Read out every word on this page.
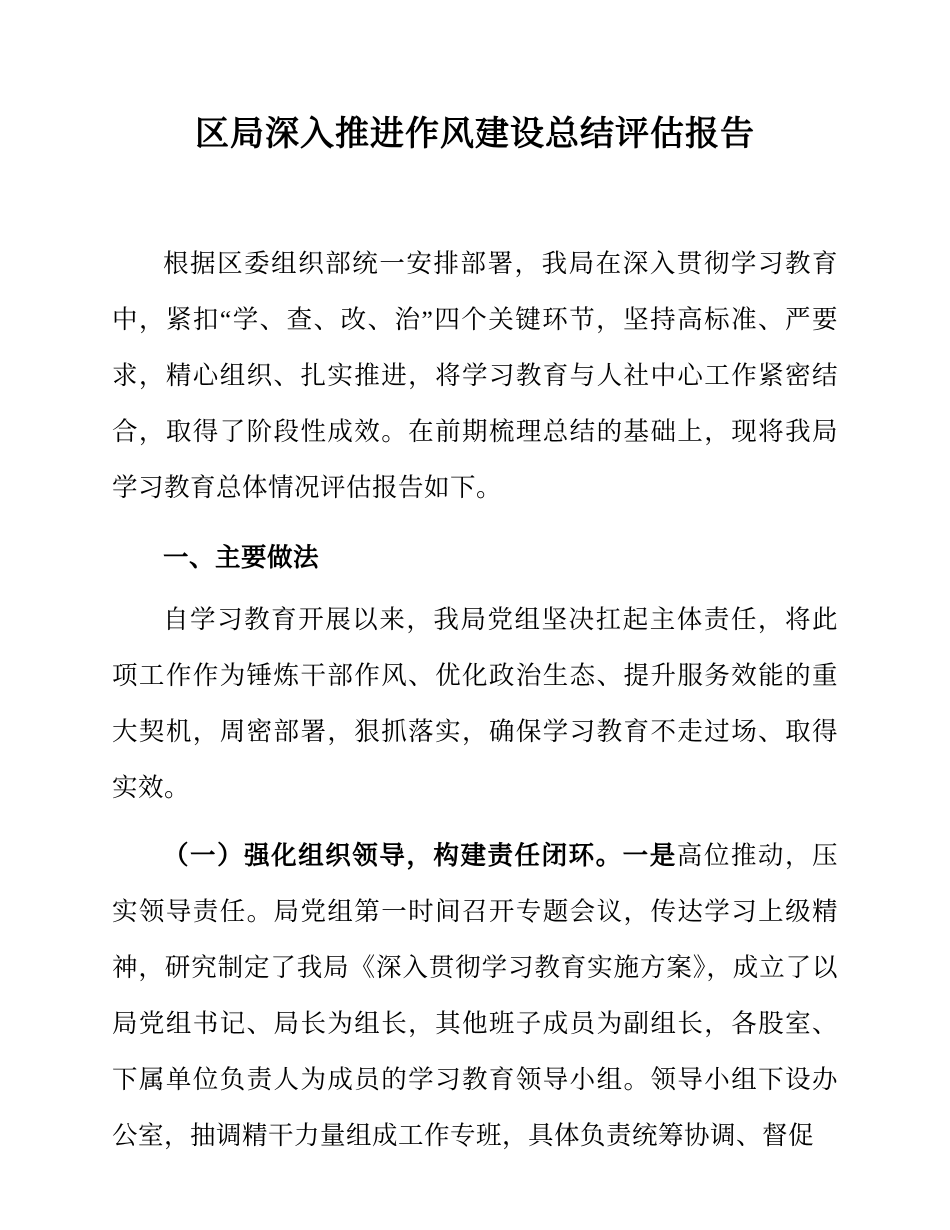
区局深入推进作风建设总结评估报告

根据区委组织部统一安排部署，我局在深入贯彻学习教育中，紧扣“学、查、改、治”四个关键环节，坚持高标准、严要求，精心组织、扎实推进，将学习教育与人社中心工作紧密结合，取得了阶段性成效。在前期梳理总结的基础上，现将我局学习教育总体情况评估报告如下。

一、主要做法

自学习教育开展以来，我局党组坚决扛起主体责任，将此项工作作为锤炼干部作风、优化政治生态、提升服务效能的重大契机，周密部署，狠抓落实，确保学习教育不走过场、取得实效。

（一）强化组织领导，构建责任闭环。一是高位推动，压实领导责任。局党组第一时间召开专题会议，传达学习上级精神，研究制定了我局《深入贯彻学习教育实施方案》，成立了以局党组书记、局长为组长，其他班子成员为副组长，各股室、下属单位负责人为成员的学习教育领导小组。领导小组下设办公室，抽调精干力量组成工作专班，具体负责统筹协调、督促
